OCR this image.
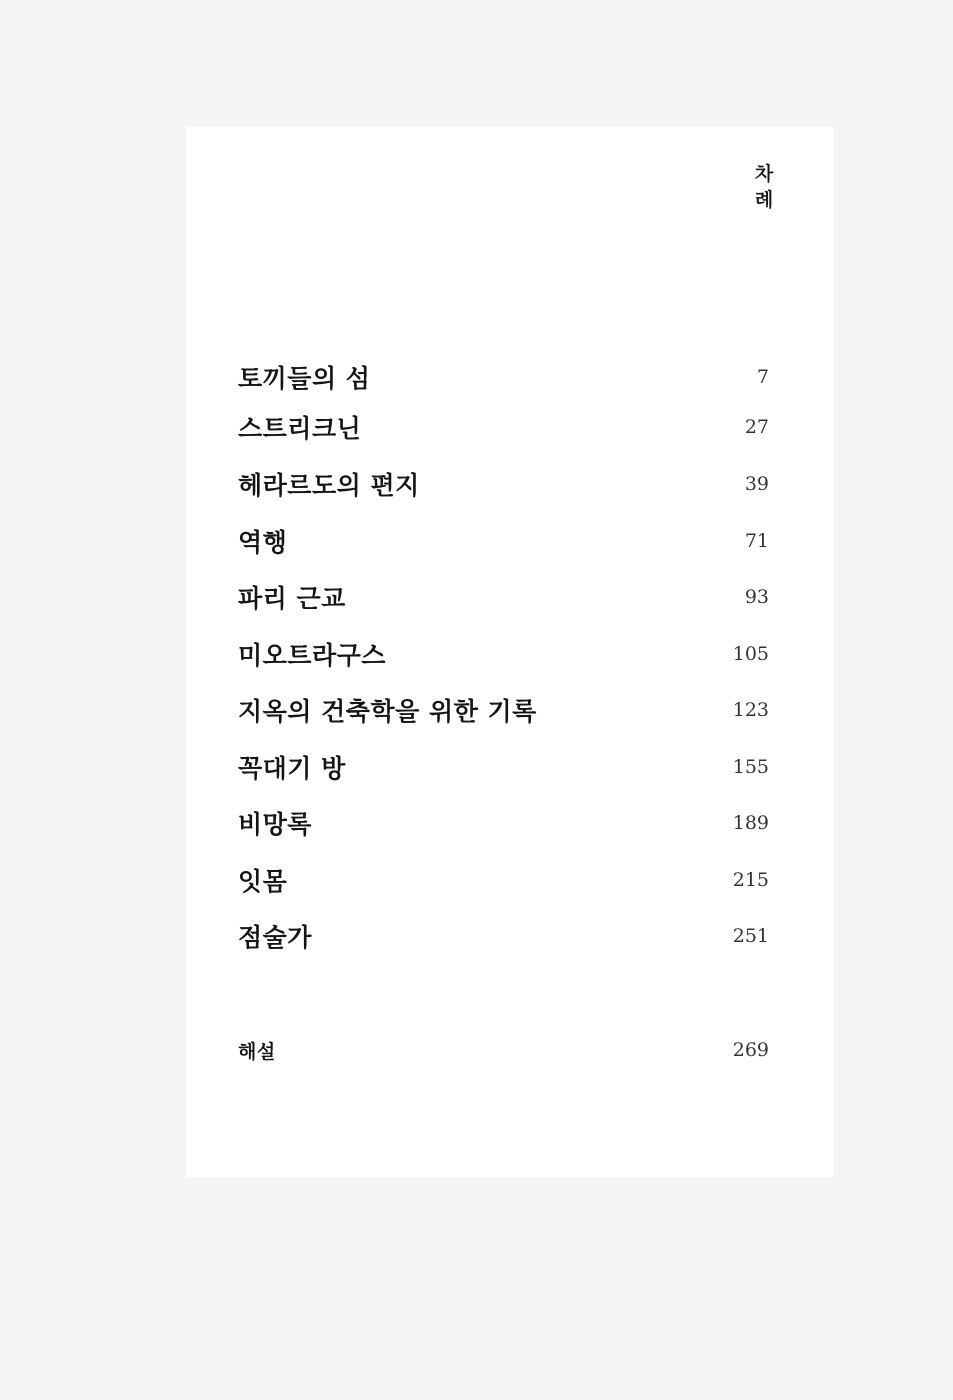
차
례
토끼들의 섬	7
스트리크닌	27
헤라르도의 편지	39
역행	71
파리 근교	93
미오트라구스	105
지옥의 건축학을 위한 기록	123
꼭대기 방	155
비망록	189
잇몸	215
점술가	251
해설	269
